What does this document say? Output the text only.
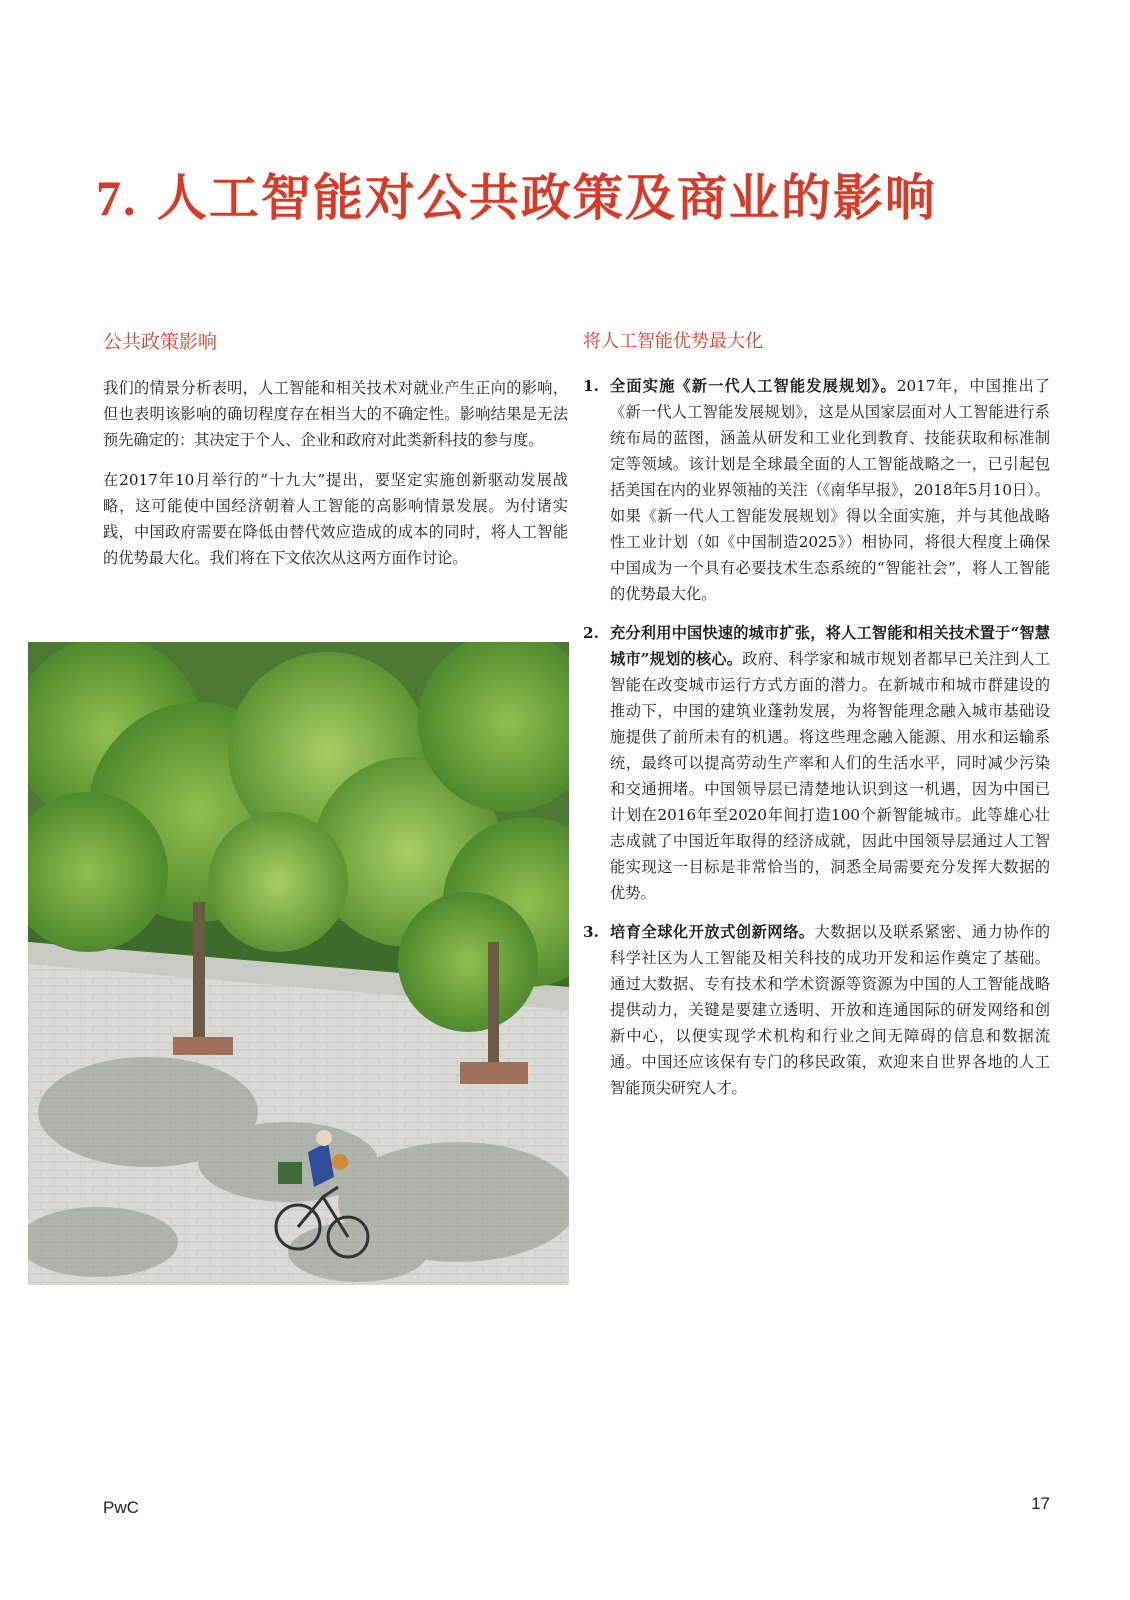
7. 人工智能对公共政策及商业的影响
公共政策影响

我们的情景分析表明，人工智能和相关技术对就业产生正向的影响，但也表明该影响的确切程度存在相当大的不确定性。影响结果是无法预先确定的：其决定于个人、企业和政府对此类新科技的参与度。

在2017年10月举行的“十九大”提出，要坚定实施创新驱动发展战略，这可能使中国经济朝着人工智能的高影响情景发展。为付诸实践，中国政府需要在降低由替代效应造成的成本的同时，将人工智能的优势最大化。我们将在下文依次从这两方面作讨论。

将人工智能优势最大化
1. 全面实施《新一代人工智能发展规划》。2017年，中国推出了《新一代人工智能发展规划》，这是从国家层面对人工智能进行系统布局的蓝图，涵盖从研发和工业化到教育、技能获取和标准制定等领域。该计划是全球最全面的人工智能战略之一，已引起包括美国在内的业界领袖的关注（《南华早报》，2018年5月10日）。如果《新一代人工智能发展规划》得以全面实施，并与其他战略性工业计划（如《中国制造2025》）相协同，将很大程度上确保中国成为一个具有必要技术生态系统的“智能社会”，将人工智能的优势最大化。
2. 充分利用中国快速的城市扩张，将人工智能和相关技术置于“智慧城市”规划的核心。政府、科学家和城市规划者都早已关注到人工智能在改变城市运行方式方面的潜力。在新城市和城市群建设的推动下，中国的建筑业蓬勃发展，为将智能理念融入城市基础设施提供了前所未有的机遇。将这些理念融入能源、用水和运输系统，最终可以提高劳动生产率和人们的生活水平，同时减少污染和交通拥堵。中国领导层已清楚地认识到这一机遇，因为中国已计划在2016年至2020年间打造100个新智能城市。此等雄心壮志成就了中国近年取得的经济成就，因此中国领导层通过人工智能实现这一目标是非常恰当的，洞悉全局需要充分发挥大数据的优势。
3. 培育全球化开放式创新网络。大数据以及联系紧密、通力协作的科学社区为人工智能及相关科技的成功开发和运作奠定了基础。通过大数据、专有技术和学术资源等资源为中国的人工智能战略提供动力，关键是要建立透明、开放和连通国际的研发网络和创新中心，以便实现学术机构和行业之间无障碍的信息和数据流通。中国还应该保有专门的移民政策，欢迎来自世界各地的人工智能顶尖研究人才。
PwC	17
